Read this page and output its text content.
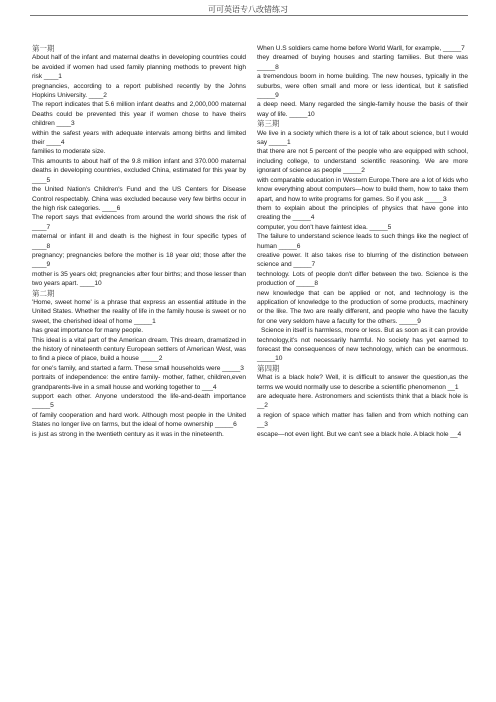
可可英语专八改错练习

第一期

About half of the infant and maternal deaths in developing countries could be avoided if women had used family planning methods to prevent high risk ____1

pregnancies, according to a report published recently by the Johns Hopkins University. ____2

The report indicates that 5.6 million infant deaths and 2,000,000 maternal Deaths could be prevented this year if women chose to have theirs children ____3

within the safest years with adequate intervals among births and limited their ____4

families to moderate size.

This amounts to about half of the 9.8 million infant and 370.000 maternal deaths in developing countries, excluded China, estimated for this year by ____5

the United Nation's Children's Fund and the US Centers for Disease Control respectably. China was excluded because very few births occur in the high risk categories. ____6

The report says that evidences from around the world shows the risk of ____7

maternal or infant ill and death is the highest in four specific types of ____8

pregnancy; pregnancies before the mother is 18 year old; those after the ____9

mother is 35 years old; pregnancies after four births; and those lesser than two years apart. ____10

第二期

'Home, sweet home' is a phrase that express an essential attitude in the United States. Whether the reality of life in the family house is sweet or no sweet, the cherished ideal of home _____1

has great importance for many people.

This ideal is a vital part of the American dream. This dream, dramatized in the history of nineteenth century European settlers of American West, was to find a piece of place, build a house _____2

for one's family, and started a farm. These small households were _____3

portraits of independence: the entire family- mother, father, children,even grandparents-live in a small house and working together to ___4

support each other. Anyone understood the life-and-death importance _____5

of family cooperation and hard work. Although most people in the United States no longer live on farms, but the ideal of home ownership _____6

is just as strong in the twentieth century as it was in the nineteenth.

When U.S soldiers came home before World WarⅡ, for example, _____7

they dreamed of buying houses and starting families. But there was _____8

a tremendous boom in home building. The new houses, typically in the suburbs, were often small and more or less identical, but it satisfied _____9

a deep need. Many regarded the single-family house the basis of their way of life. _____10

第三期

We live in a society which there is a lot of talk about science, but I would say _____1

that there are not 5 percent of the people who are equipped with school, including college, to understand scientific reasoning. We are more ignorant of science as people _____2

with comparable education in Western Europe.There are a lot of kids who know everything about computers—how to build them, how to take them apart, and how to write programs for games. So if you ask _____3

them to explain about the principles of physics that have gone into creating the _____4

computer, you don't have faintest idea. _____5

The failure to understand science leads to such things like the neglect of human _____6

creative power. It also takes rise to blurring of the distinction between science and _____7

technology. Lots of people don't differ between the two. Science is the production of _____8

new knowledge that can be applied or not, and technology is the application of knowledge to the production of some products, machinery or the like. The two are really different, and people who have the faculty for one very seldom have a faculty for the others. _____9

Science in itself is harmless, more or less. But as soon as it can provide technology,it's not necessarily harmful. No society has yet earned to forecast the consequences of new technology, which can be enormous. _____10

第四期

What is a black hole? Well, it is difficult to answer the question,as the terms we would normally use to describe a scientific phenomenon __1

are adequate here. Astronomers and scientists think that a black hole is __2

a region of space which matter has fallen and from which nothing can __3

escape—not even light. But we can't see a black hole. A black hole __4
